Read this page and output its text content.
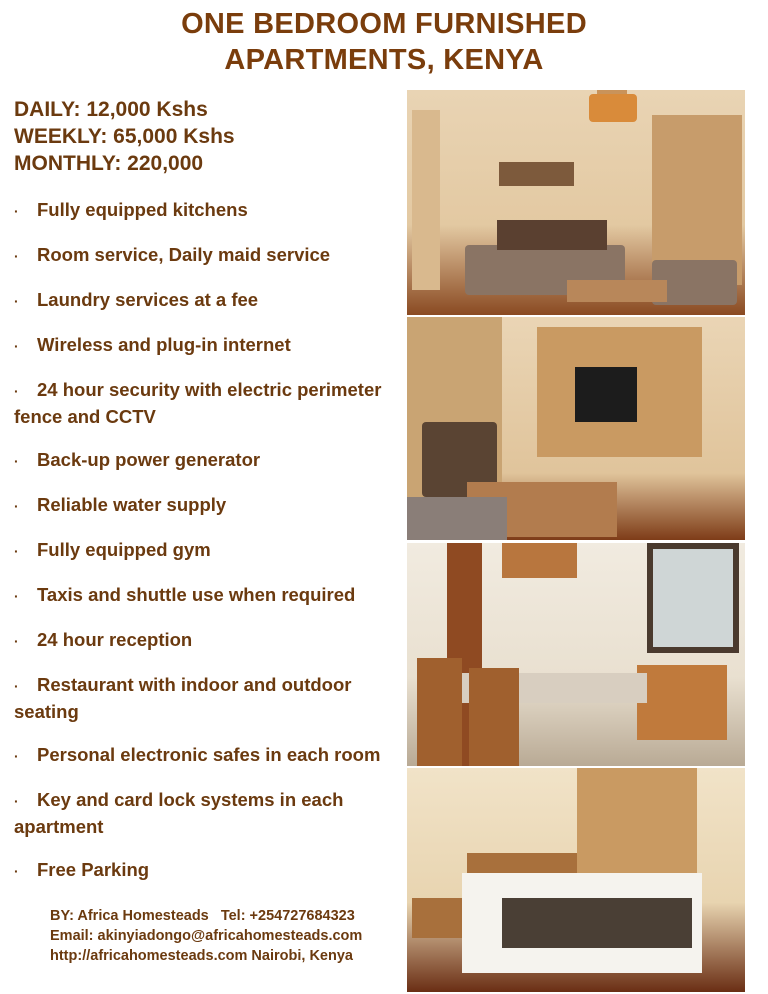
ONE BEDROOM FURNISHED
APARTMENTS, KENYA
DAILY: 12,000 Kshs
WEEKLY: 65,000 Kshs
MONTHLY: 220,000
· Fully equipped kitchens
· Room service, Daily maid service
· Laundry services at a fee
· Wireless and plug-in internet
· 24 hour security with electric perimeter fence and CCTV
· Back-up power generator
· Reliable water supply
· Fully equipped gym
· Taxis and shuttle use when required
· 24 hour reception
· Restaurant with indoor and outdoor seating
· Personal electronic safes in each room
· Key and card lock systems in each apartment
· Free Parking
BY: Africa Homesteads   Tel: +254727684323
Email: akinyiadongo@africahomesteads.com
http://africahomesteads.com Nairobi, Kenya
